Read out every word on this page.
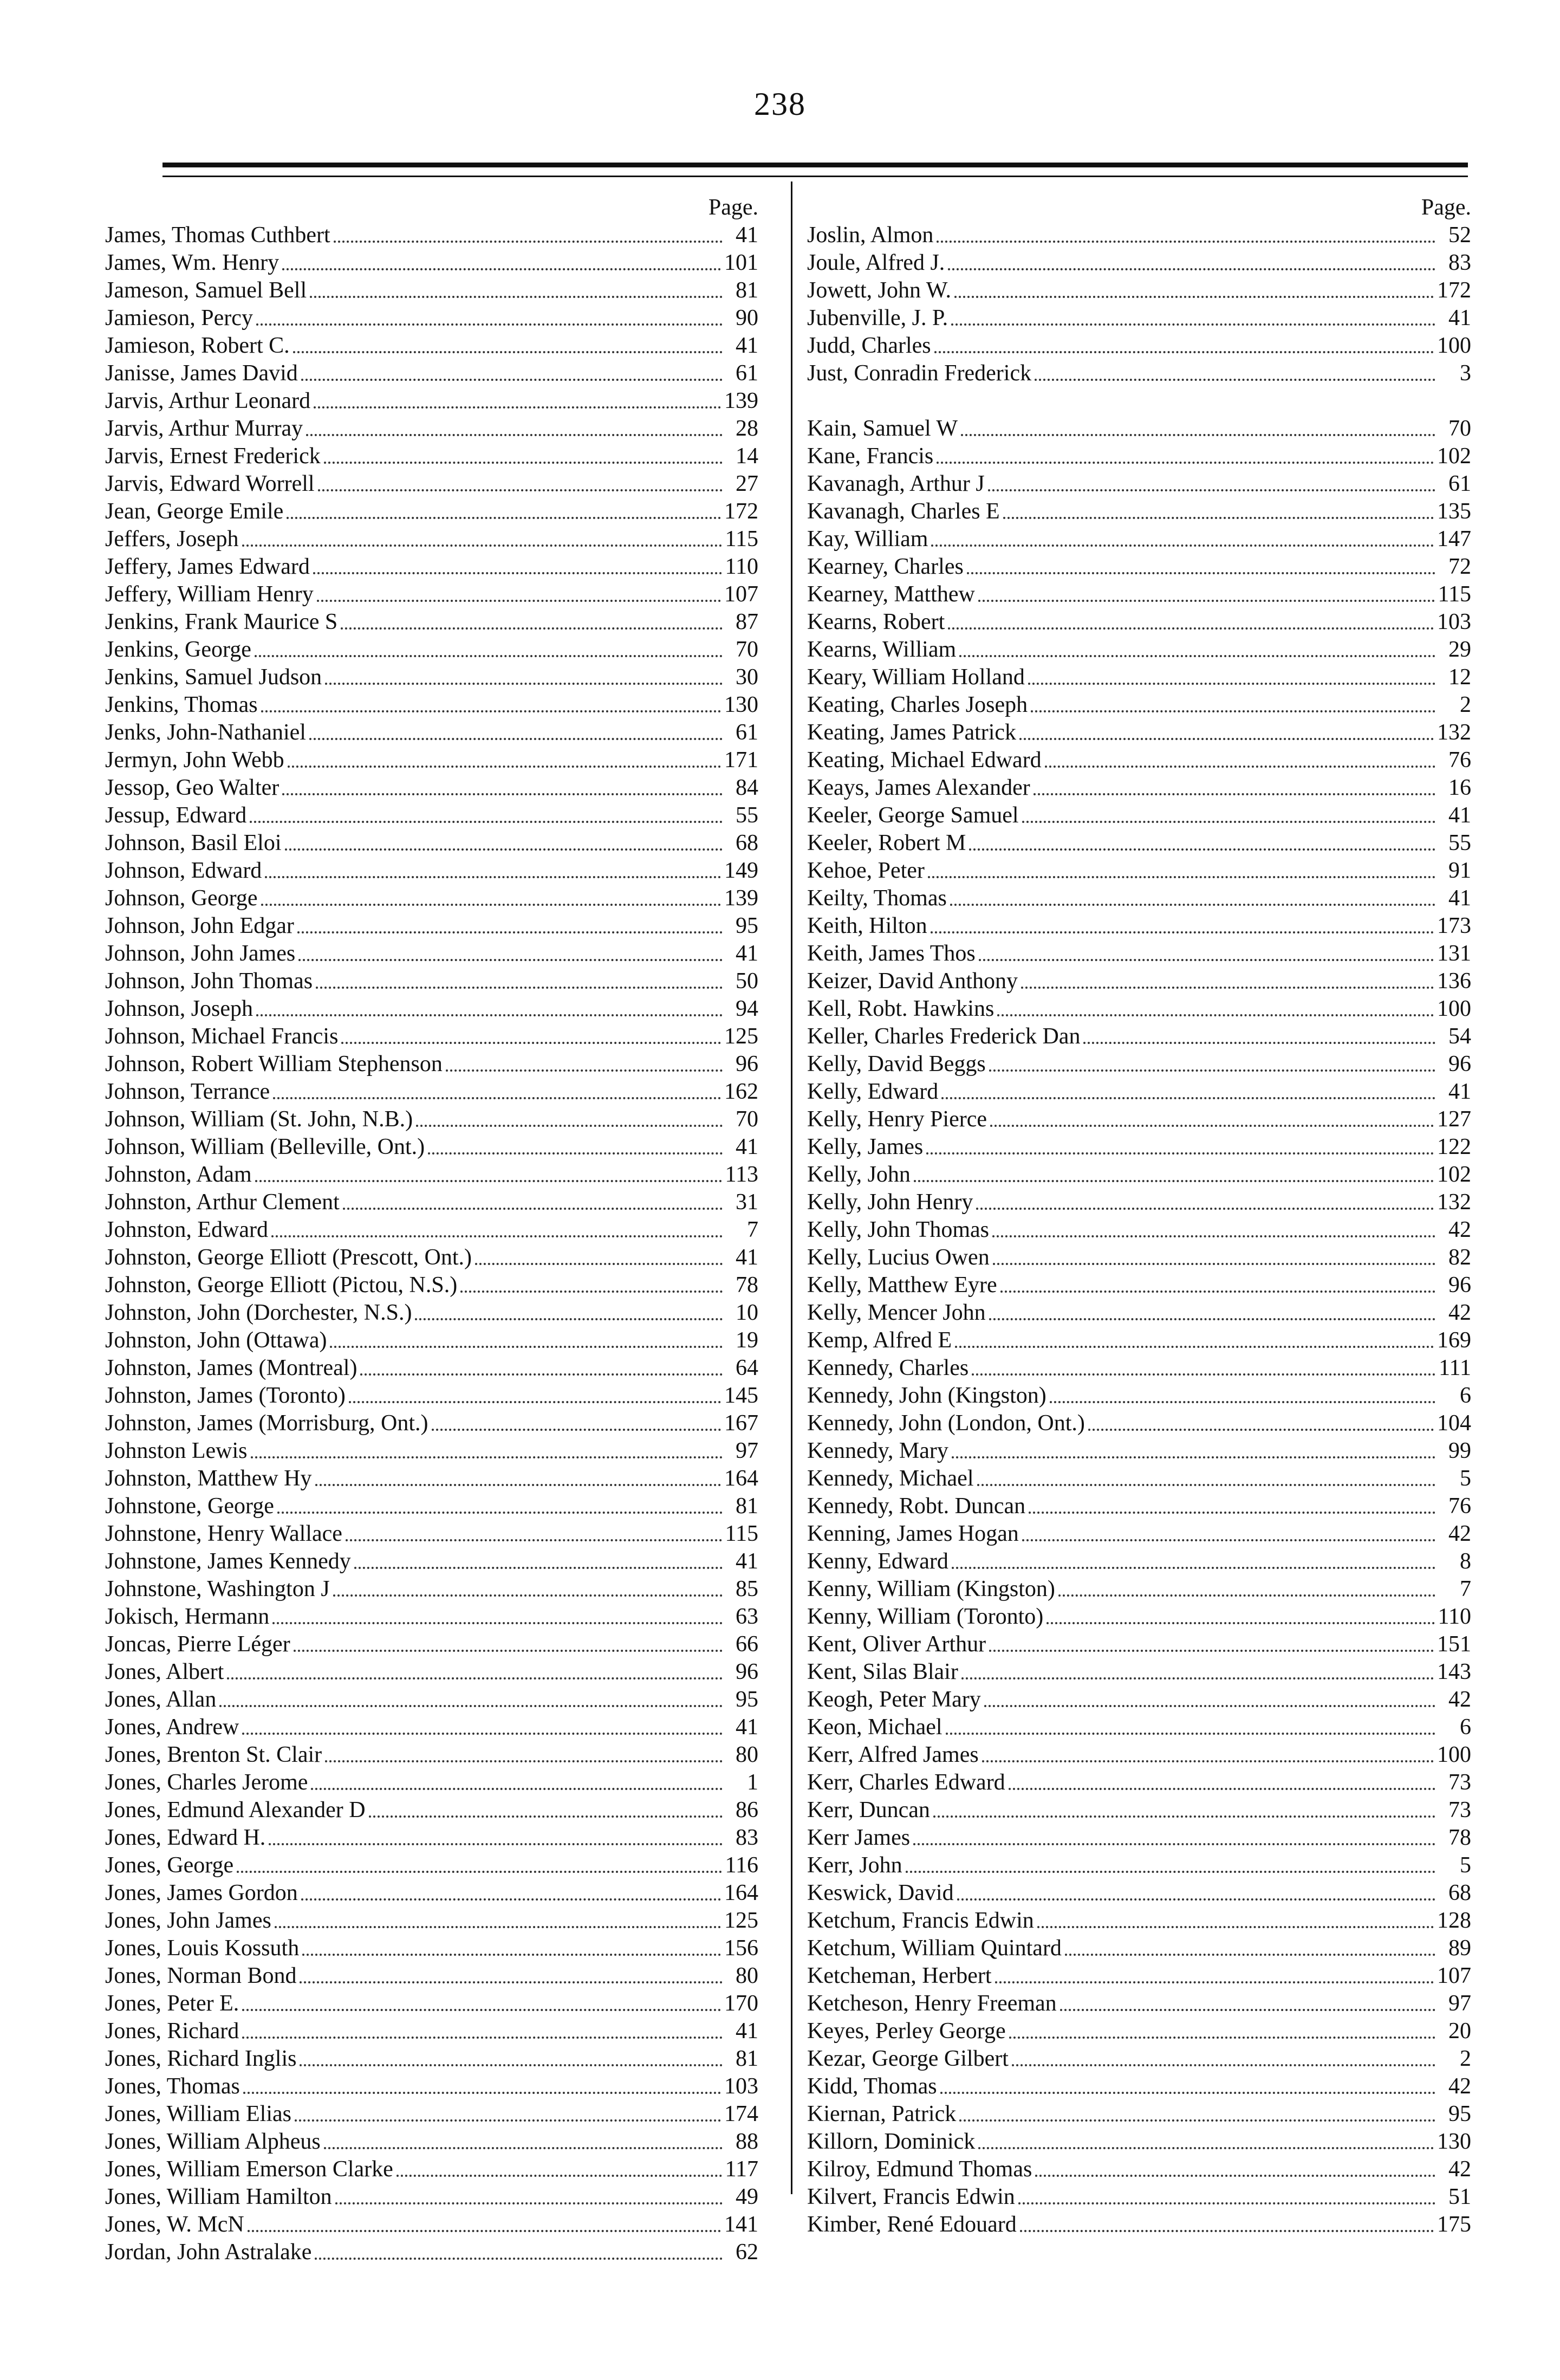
238
Page.
James, Thomas Cuthbert	41
James, Wm. Henry	101
Jameson, Samuel Bell	81
Jamieson, Percy	90
Jamieson, Robert C.	41
Janisse, James David	61
Jarvis, Arthur Leonard	139
Jarvis, Arthur Murray	28
Jarvis, Ernest Frederick	14
Jarvis, Edward Worrell	27
Jean, George Emile	172
Jeffers, Joseph	115
Jeffery, James Edward	110
Jeffery, William Henry	107
Jenkins, Frank Maurice S	87
Jenkins, George	70
Jenkins, Samuel Judson	30
Jenkins, Thomas	130
Jenks, John-Nathaniel	61
Jermyn, John Webb	171
Jessop, Geo Walter	84
Jessup, Edward	55
Johnson, Basil Eloi	68
Johnson, Edward	149
Johnson, George	139
Johnson, John Edgar	95
Johnson, John James	41
Johnson, John Thomas	50
Johnson, Joseph	94
Johnson, Michael Francis	125
Johnson, Robert William Stephenson	96
Johnson, Terrance	162
Johnson, William (St. John, N.B.)	70
Johnson, William (Belleville, Ont.)	41
Johnston, Adam	113
Johnston, Arthur Clement	31
Johnston, Edward	7
Johnston, George Elliott (Prescott, Ont.)	41
Johnston, George Elliott (Pictou, N.S.)	78
Johnston, John (Dorchester, N.S.)	10
Johnston, John (Ottawa)	19
Johnston, James (Montreal)	64
Johnston, James (Toronto)	145
Johnston, James (Morrisburg, Ont.)	167
Johnston Lewis	97
Johnston, Matthew Hy	164
Johnstone, George	81
Johnstone, Henry Wallace	115
Johnstone, James Kennedy	41
Johnstone, Washington J	85
Jokisch, Hermann	63
Joncas, Pierre Léger	66
Jones, Albert	96
Jones, Allan	95
Jones, Andrew	41
Jones, Brenton St. Clair	80
Jones, Charles Jerome	1
Jones, Edmund Alexander D	86
Jones, Edward H.	83
Jones, George	116
Jones, James Gordon	164
Jones, John James	125
Jones, Louis Kossuth	156
Jones, Norman Bond	80
Jones, Peter E.	170
Jones, Richard	41
Jones, Richard Inglis	81
Jones, Thomas	103
Jones, William Elias	174
Jones, William Alpheus	88
Jones, William Emerson Clarke	117
Jones, William Hamilton	49
Jones, W. McN	141
Jordan, John Astralake	62
Page.
Joslin, Almon	52
Joule, Alfred J.	83
Jowett, John W.	172
Jubenville, J. P.	41
Judd, Charles	100
Just, Conradin Frederick	3
Kain, Samuel W	70
Kane, Francis	102
Kavanagh, Arthur J	61
Kavanagh, Charles E	135
Kay, William	147
Kearney, Charles	72
Kearney, Matthew	115
Kearns, Robert	103
Kearns, William	29
Keary, William Holland	12
Keating, Charles Joseph	2
Keating, James Patrick	132
Keating, Michael Edward	76
Keays, James Alexander	16
Keeler, George Samuel	41
Keeler, Robert M	55
Kehoe, Peter	91
Keilty, Thomas	41
Keith, Hilton	173
Keith, James Thos	131
Keizer, David Anthony	136
Kell, Robt. Hawkins	100
Keller, Charles Frederick Dan	54
Kelly, David Beggs	96
Kelly, Edward	41
Kelly, Henry Pierce	127
Kelly, James	122
Kelly, John	102
Kelly, John Henry	132
Kelly, John Thomas	42
Kelly, Lucius Owen	82
Kelly, Matthew Eyre	96
Kelly, Mencer John	42
Kemp, Alfred E	169
Kennedy, Charles	111
Kennedy, John (Kingston)	6
Kennedy, John (London, Ont.)	104
Kennedy, Mary	99
Kennedy, Michael	5
Kennedy, Robt. Duncan	76
Kenning, James Hogan	42
Kenny, Edward	8
Kenny, William (Kingston)	7
Kenny, William (Toronto)	110
Kent, Oliver Arthur	151
Kent, Silas Blair	143
Keogh, Peter Mary	42
Keon, Michael	6
Kerr, Alfred James	100
Kerr, Charles Edward	73
Kerr, Duncan	73
Kerr James	78
Kerr, John	5
Keswick, David	68
Ketchum, Francis Edwin	128
Ketchum, William Quintard	89
Ketcheman, Herbert	107
Ketcheson, Henry Freeman	97
Keyes, Perley George	20
Kezar, George Gilbert	2
Kidd, Thomas	42
Kiernan, Patrick	95
Killorn, Dominick	130
Kilroy, Edmund Thomas	42
Kilvert, Francis Edwin	51
Kimber, René Edouard	175
